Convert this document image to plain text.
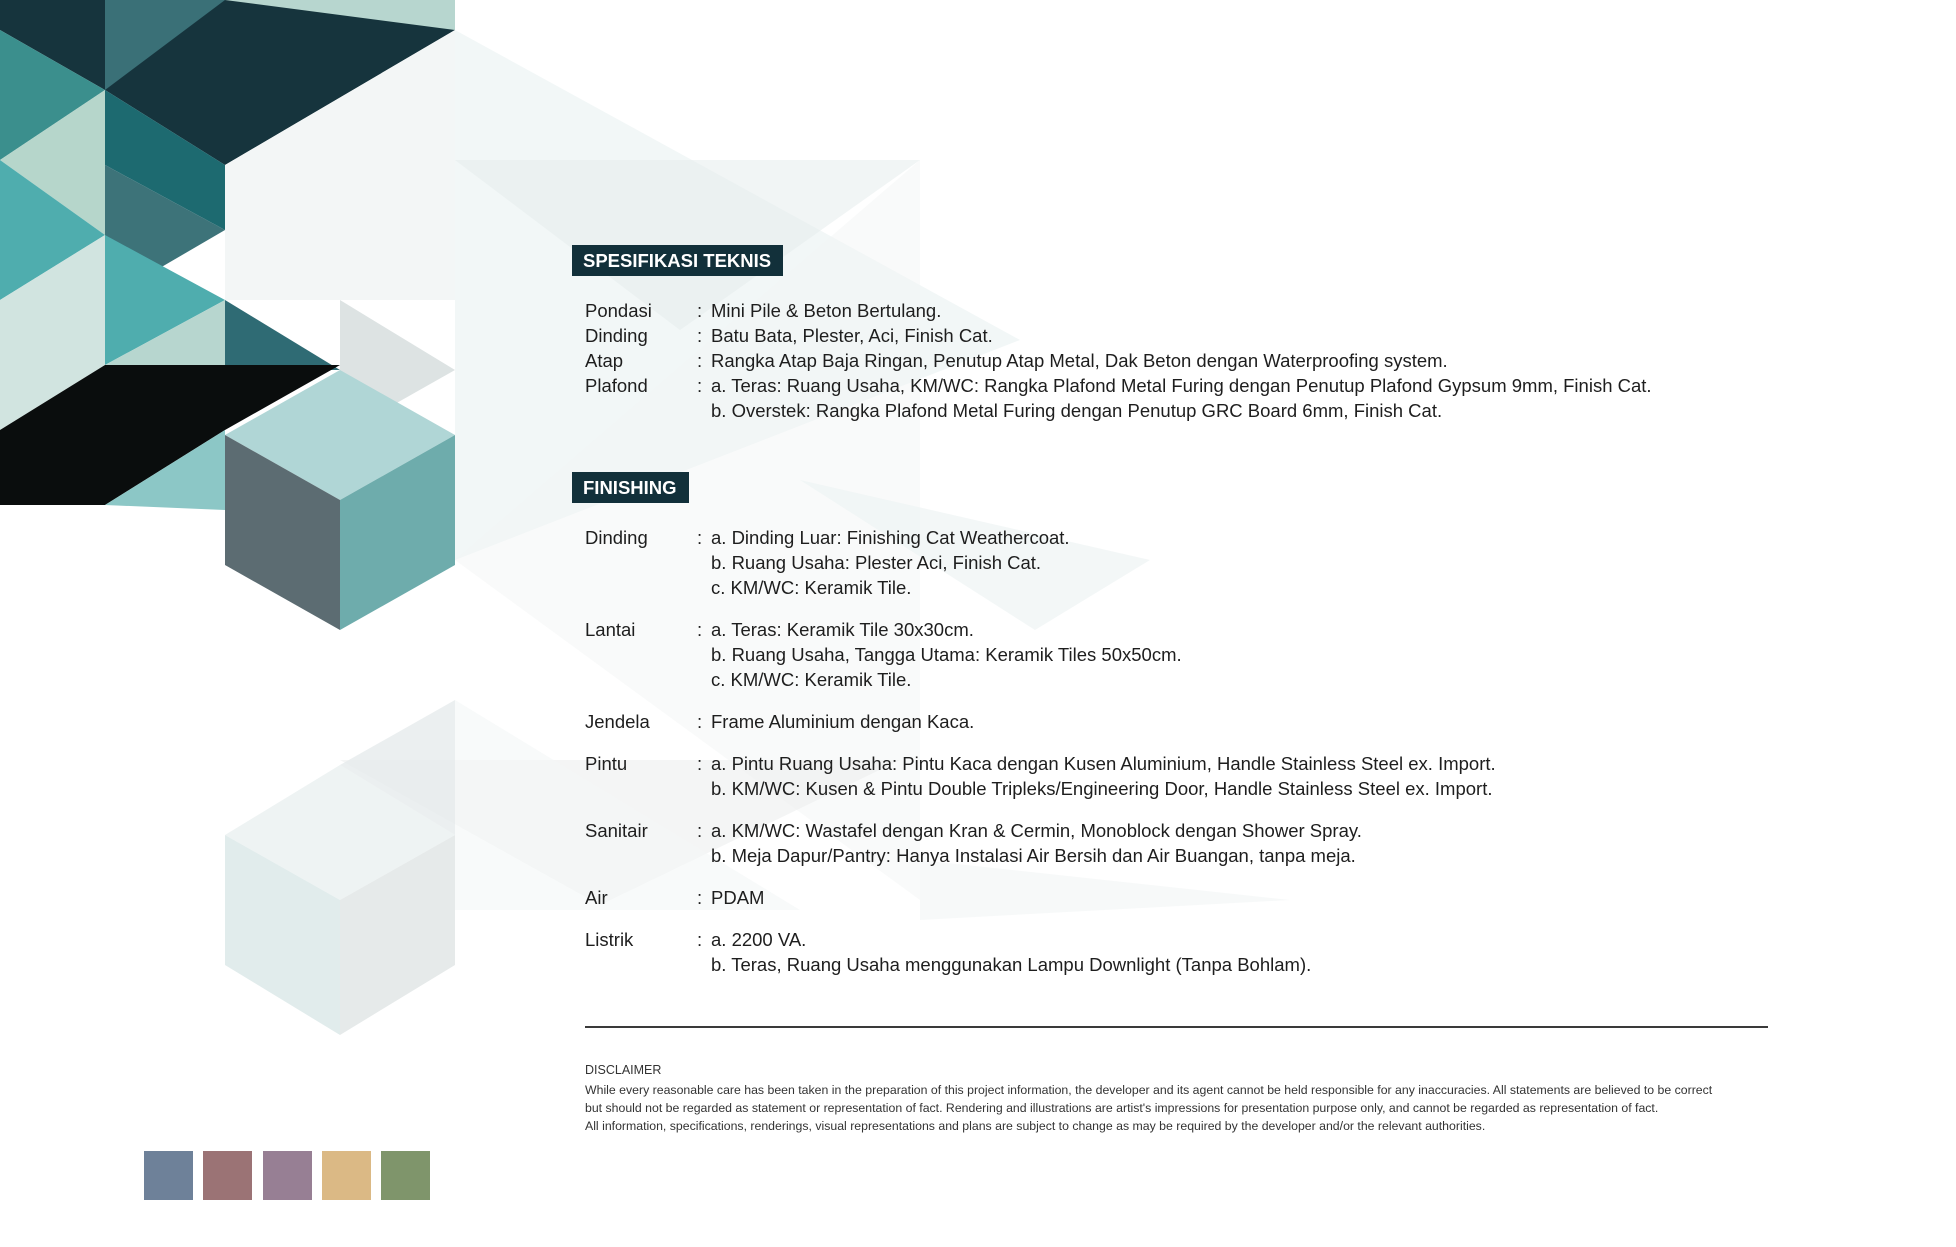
SPESIFIKASI TEKNIS
Pondasi : Mini Pile & Beton Bertulang.
Dinding	: Batu Bata, Plester, Aci, Finish Cat.
Atap	: Rangka Atap Baja Ringan, Penutup Atap Metal, Dak Beton dengan Waterproofing system.
Plafond	: a. Teras: Ruang Usaha, KM/WC: Rangka Plafond Metal Furing dengan Penutup Plafond Gypsum 9mm, Finish Cat.
b. Overstek: Rangka Plafond Metal Furing dengan Penutup GRC Board 6mm, Finish Cat.
FINISHING
Dinding	: a. Dinding Luar: Finishing Cat Weathercoat.
b. Ruang Usaha: Plester Aci, Finish Cat.
c. KM/WC: Keramik Tile.
Lantai	: a. Teras: Keramik Tile 30x30cm.
b. Ruang Usaha, Tangga Utama: Keramik Tiles 50x50cm.
c. KM/WC: Keramik Tile.
Jendela	: Frame Aluminium dengan Kaca.
Pintu	: a. Pintu Ruang Usaha: Pintu Kaca dengan Kusen Aluminium, Handle Stainless Steel ex. Import.
b. KM/WC: Kusen & Pintu Double Tripleks/Engineering Door, Handle Stainless Steel ex. Import.
Sanitair	: a. KM/WC: Wastafel dengan Kran & Cermin, Monoblock dengan Shower Spray.
b. Meja Dapur/Pantry: Hanya Instalasi Air Bersih dan Air Buangan, tanpa meja.
Air	: PDAM
Listrik	: a. 2200 VA.
b. Teras, Ruang Usaha menggunakan Lampu Downlight (Tanpa Bohlam).
DISCLAIMER
While every reasonable care has been taken in the preparation of this project information, the developer and its agent cannot be held responsible for any inaccuracies. All statements are believed to be correct
but should not be regarded as statement or representation of fact. Rendering and illustrations are artist's impressions for presentation purpose only, and cannot be regarded as representation of fact.
All information, specifications, renderings, visual representations and plans are subject to change as may be required by the developer and/or the relevant authorities.
